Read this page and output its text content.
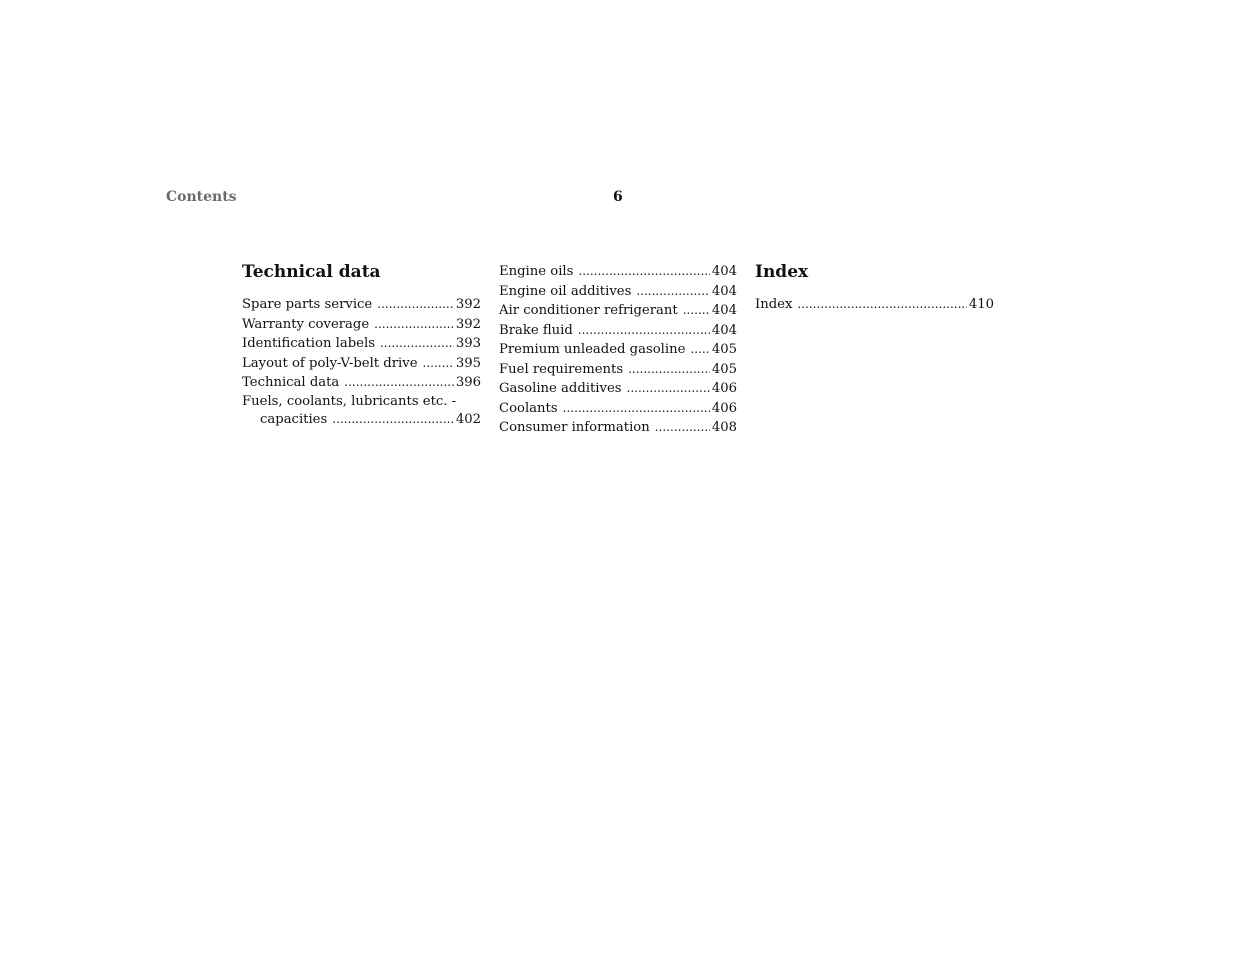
Contents	6
Technical data
Spare parts service .....	392
Warranty coverage .....	392
Identification labels .....	393
Layout of poly-V-belt drive .....	395
Technical data .....	396
Fuels, coolants, lubricants etc. -
capacities .....	402
Engine oils .....	404
Engine oil additives .....	404
Air conditioner refrigerant .....	404
Brake fluid .....	404
Premium unleaded gasoline ..... 405
Fuel requirements .....	405
Gasoline additives .....	406
Coolants .....	406
Consumer information .....	408
Index
Index .....	410
